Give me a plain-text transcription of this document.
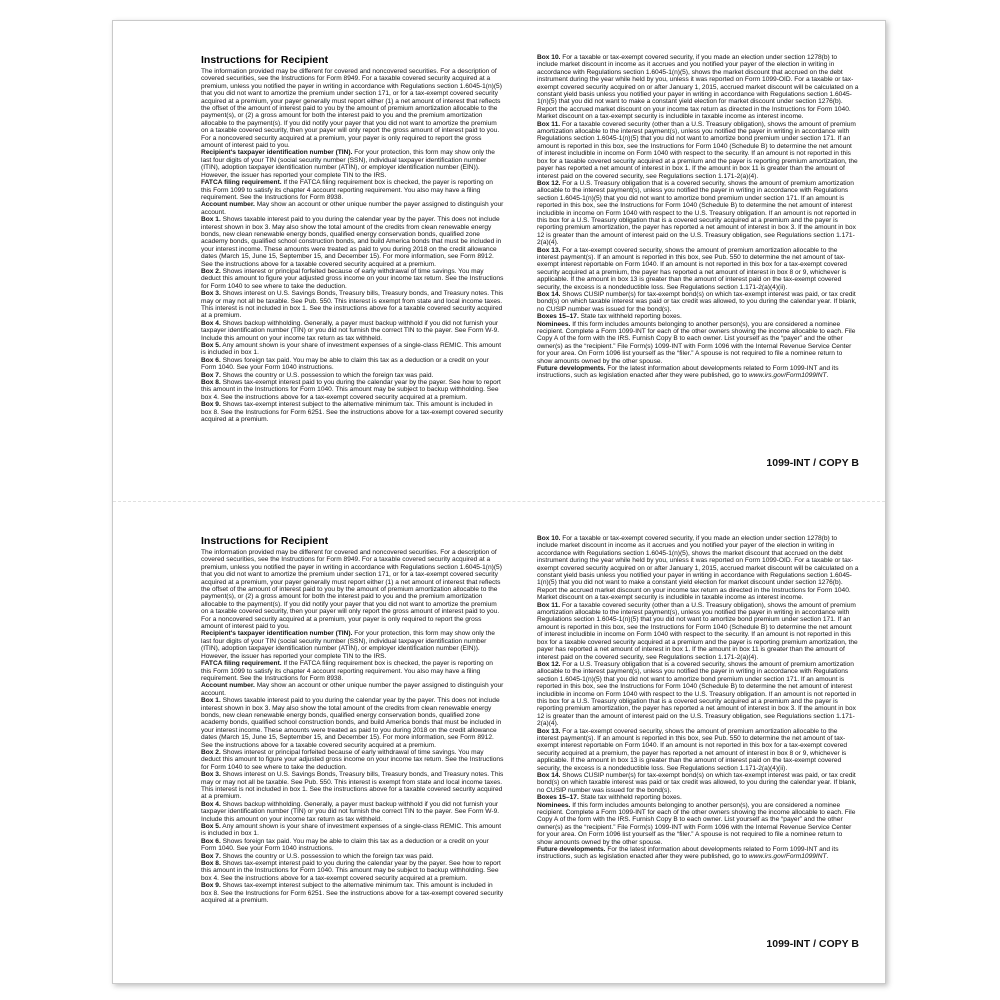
Instructions for Recipient

The information provided may be different for covered and noncovered securities. For a description of covered securities, see the Instructions for Form 8949. For a taxable covered security acquired at a premium, unless you notified the payer in writing in accordance with Regulations section 1.6045-1(n)(5) that you did not want to amortize the premium under section 171, or for a tax-exempt covered security acquired at a premium, your payer generally must report either (1) a net amount of interest that reflects the offset of the amount of interest paid to you by the amount of premium amortization allocable to the payment(s), or (2) a gross amount for both the interest paid to you and the premium amortization allocable to the payment(s). If you did notify your payer that you did not want to amortize the premium on a taxable covered security, then your payer will only report the gross amount of interest paid to you. For a noncovered security acquired at a premium, your payer is only required to report the gross amount of interest paid to you.

Recipient's taxpayer identification number (TIN). For your protection, this form may show only the last four digits of your TIN (social security number (SSN), individual taxpayer identification number (ITIN), adoption taxpayer identification number (ATIN), or employer identification number (EIN)). However, the issuer has reported your complete TIN to the IRS.

FATCA filing requirement. If the FATCA filing requirement box is checked, the payer is reporting on this Form 1099 to satisfy its chapter 4 account reporting requirement. You also may have a filing requirement. See the Instructions for Form 8938.

Account number. May show an account or other unique number the payer assigned to distinguish your account.

Box 1. Shows taxable interest paid to you during the calendar year by the payer. This does not include interest shown in box 3. May also show the total amount of the credits from clean renewable energy bonds, new clean renewable energy bonds, qualified energy conservation bonds, qualified zone academy bonds, qualified school construction bonds, and build America bonds that must be included in your interest income. These amounts were treated as paid to you during 2018 on the credit allowance dates (March 15, June 15, September 15, and December 15). For more information, see Form 8912. See the instructions above for a taxable covered security acquired at a premium.

Box 2. Shows interest or principal forfeited because of early withdrawal of time savings. You may deduct this amount to figure your adjusted gross income on your income tax return. See the Instructions for Form 1040 to see where to take the deduction.

Box 3. Shows interest on U.S. Savings Bonds, Treasury bills, Treasury bonds, and Treasury notes. This may or may not all be taxable. See Pub. 550. This interest is exempt from state and local income taxes. This interest is not included in box 1. See the instructions above for a taxable covered security acquired at a premium.

Box 4. Shows backup withholding. Generally, a payer must backup withhold if you did not furnish your taxpayer identification number (TIN) or you did not furnish the correct TIN to the payer. See Form W-9. Include this amount on your income tax return as tax withheld.

Box 5. Any amount shown is your share of investment expenses of a single-class REMIC. This amount is included in box 1.

Box 6. Shows foreign tax paid. You may be able to claim this tax as a deduction or a credit on your Form 1040. See your Form 1040 instructions.

Box 7. Shows the country or U.S. possession to which the foreign tax was paid.

Box 8. Shows tax-exempt interest paid to you during the calendar year by the payer. See how to report this amount in the Instructions for Form 1040. This amount may be subject to backup withholding. See box 4. See the instructions above for a tax-exempt covered security acquired at a premium.

Box 9. Shows tax-exempt interest subject to the alternative minimum tax. This amount is included in box 8. See the Instructions for Form 6251. See the instructions above for a tax-exempt covered security acquired at a premium.

Box 10. For a taxable or tax-exempt covered security, if you made an election under section 1278(b) to include market discount in income as it accrues and you notified your payer of the election in writing in accordance with Regulations section 1.6045-1(n)(5), shows the market discount that accrued on the debt instrument during the year while held by you, unless it was reported on Form 1099-OID. For a taxable or tax-exempt covered security acquired on or after January 1, 2015, accrued market discount will be calculated on a constant yield basis unless you notified your payer in writing in accordance with Regulations section 1.6045-1(n)(5) that you did not want to make a constant yield election for market discount under section 1276(b). Report the accrued market discount on your income tax return as directed in the Instructions for Form 1040. Market discount on a tax-exempt security is includible in taxable income as interest income.

Box 11. For a taxable covered security (other than a U.S. Treasury obligation), shows the amount of premium amortization allocable to the interest payment(s), unless you notified the payer in writing in accordance with Regulations section 1.6045-1(n)(5) that you did not want to amortize bond premium under section 171. If an amount is reported in this box, see the Instructions for Form 1040 (Schedule B) to determine the net amount of interest includible in income on Form 1040 with respect to the security. If an amount is not reported in this box for a taxable covered security acquired at a premium and the payer is reporting premium amortization, the payer has reported a net amount of interest in box 1. If the amount in box 11 is greater than the amount of interest paid on the covered security, see Regulations section 1.171-2(a)(4).

Box 12. For a U.S. Treasury obligation that is a covered security, shows the amount of premium amortization allocable to the interest payment(s), unless you notified the payer in writing in accordance with Regulations section 1.6045-1(n)(5) that you did not want to amortize bond premium under section 171. If an amount is reported in this box, see the Instructions for Form 1040 (Schedule B) to determine the net amount of interest includible in income on Form 1040 with respect to the U.S. Treasury obligation. If an amount is not reported in this box for a U.S. Treasury obligation that is a covered security acquired at a premium and the payer is reporting premium amortization, the payer has reported a net amount of interest in box 3. If the amount in box 12 is greater than the amount of interest paid on the U.S. Treasury obligation, see Regulations section 1.171-2(a)(4).

Box 13. For a tax-exempt covered security, shows the amount of premium amortization allocable to the interest payment(s). If an amount is reported in this box, see Pub. 550 to determine the net amount of tax-exempt interest reportable on Form 1040. If an amount is not reported in this box for a tax-exempt covered security acquired at a premium, the payer has reported a net amount of interest in box 8 or 9, whichever is applicable. If the amount in box 13 is greater than the amount of interest paid on the tax-exempt covered security, the excess is a nondeductible loss. See Regulations section 1.171-2(a)(4)(ii).

Box 14. Shows CUSIP number(s) for tax-exempt bond(s) on which tax-exempt interest was paid, or tax credit bond(s) on which taxable interest was paid or tax credit was allowed, to you during the calendar year. If blank, no CUSIP number was issued for the bond(s).

Boxes 15–17. State tax withheld reporting boxes.

Nominees. If this form includes amounts belonging to another person(s), you are considered a nominee recipient. Complete a Form 1099-INT for each of the other owners showing the income allocable to each. File Copy A of the form with the IRS. Furnish Copy B to each owner. List yourself as the “payer” and the other owner(s) as the “recipient.” File Form(s) 1099-INT with Form 1096 with the Internal Revenue Service Center for your area. On Form 1096 list yourself as the “filer.” A spouse is not required to file a nominee return to show amounts owned by the other spouse.

Future developments. For the latest information about developments related to Form 1099-INT and its instructions, such as legislation enacted after they were published, go to www.irs.gov/Form1099INT.

1099-INT / COPY B
Instructions for Recipient

The information provided may be different for covered and noncovered securities. For a description of covered securities, see the Instructions for Form 8949. For a taxable covered security acquired at a premium, unless you notified the payer in writing in accordance with Regulations section 1.6045-1(n)(5) that you did not want to amortize the premium under section 171, or for a tax-exempt covered security acquired at a premium, your payer generally must report either (1) a net amount of interest that reflects the offset of the amount of interest paid to you by the amount of premium amortization allocable to the payment(s), or (2) a gross amount for both the interest paid to you and the premium amortization allocable to the payment(s). If you did notify your payer that you did not want to amortize the premium on a taxable covered security, then your payer will only report the gross amount of interest paid to you. For a noncovered security acquired at a premium, your payer is only required to report the gross amount of interest paid to you.

Recipient's taxpayer identification number (TIN). For your protection, this form may show only the last four digits of your TIN (social security number (SSN), individual taxpayer identification number (ITIN), adoption taxpayer identification number (ATIN), or employer identification number (EIN)). However, the issuer has reported your complete TIN to the IRS.

FATCA filing requirement. If the FATCA filing requirement box is checked, the payer is reporting on this Form 1099 to satisfy its chapter 4 account reporting requirement. You also may have a filing requirement. See the Instructions for Form 8938.

Account number. May show an account or other unique number the payer assigned to distinguish your account.

Box 1. Shows taxable interest paid to you during the calendar year by the payer. This does not include interest shown in box 3. May also show the total amount of the credits from clean renewable energy bonds, new clean renewable energy bonds, qualified energy conservation bonds, qualified zone academy bonds, qualified school construction bonds, and build America bonds that must be included in your interest income. These amounts were treated as paid to you during 2018 on the credit allowance dates (March 15, June 15, September 15, and December 15). For more information, see Form 8912. See the instructions above for a taxable covered security acquired at a premium.

Box 2. Shows interest or principal forfeited because of early withdrawal of time savings. You may deduct this amount to figure your adjusted gross income on your income tax return. See the Instructions for Form 1040 to see where to take the deduction.

Box 3. Shows interest on U.S. Savings Bonds, Treasury bills, Treasury bonds, and Treasury notes. This may or may not all be taxable. See Pub. 550. This interest is exempt from state and local income taxes. This interest is not included in box 1. See the instructions above for a taxable covered security acquired at a premium.

Box 4. Shows backup withholding. Generally, a payer must backup withhold if you did not furnish your taxpayer identification number (TIN) or you did not furnish the correct TIN to the payer. See Form W-9. Include this amount on your income tax return as tax withheld.

Box 5. Any amount shown is your share of investment expenses of a single-class REMIC. This amount is included in box 1.

Box 6. Shows foreign tax paid. You may be able to claim this tax as a deduction or a credit on your Form 1040. See your Form 1040 instructions.

Box 7. Shows the country or U.S. possession to which the foreign tax was paid.

Box 8. Shows tax-exempt interest paid to you during the calendar year by the payer. See how to report this amount in the Instructions for Form 1040. This amount may be subject to backup withholding. See box 4. See the instructions above for a tax-exempt covered security acquired at a premium.

Box 9. Shows tax-exempt interest subject to the alternative minimum tax. This amount is included in box 8. See the Instructions for Form 6251. See the instructions above for a tax-exempt covered security acquired at a premium.

Box 10. For a taxable or tax-exempt covered security, if you made an election under section 1278(b) to include market discount in income as it accrues and you notified your payer of the election in writing in accordance with Regulations section 1.6045-1(n)(5), shows the market discount that accrued on the debt instrument during the year while held by you, unless it was reported on Form 1099-OID. For a taxable or tax-exempt covered security acquired on or after January 1, 2015, accrued market discount will be calculated on a constant yield basis unless you notified your payer in writing in accordance with Regulations section 1.6045-1(n)(5) that you did not want to make a constant yield election for market discount under section 1276(b). Report the accrued market discount on your income tax return as directed in the Instructions for Form 1040. Market discount on a tax-exempt security is includible in taxable income as interest income.

Box 11. For a taxable covered security (other than a U.S. Treasury obligation), shows the amount of premium amortization allocable to the interest payment(s), unless you notified the payer in writing in accordance with Regulations section 1.6045-1(n)(5) that you did not want to amortize bond premium under section 171. If an amount is reported in this box, see the Instructions for Form 1040 (Schedule B) to determine the net amount of interest includible in income on Form 1040 with respect to the security. If an amount is not reported in this box for a taxable covered security acquired at a premium and the payer is reporting premium amortization, the payer has reported a net amount of interest in box 1. If the amount in box 11 is greater than the amount of interest paid on the covered security, see Regulations section 1.171-2(a)(4).

Box 12. For a U.S. Treasury obligation that is a covered security, shows the amount of premium amortization allocable to the interest payment(s), unless you notified the payer in writing in accordance with Regulations section 1.6045-1(n)(5) that you did not want to amortize bond premium under section 171. If an amount is reported in this box, see the Instructions for Form 1040 (Schedule B) to determine the net amount of interest includible in income on Form 1040 with respect to the U.S. Treasury obligation. If an amount is not reported in this box for a U.S. Treasury obligation that is a covered security acquired at a premium and the payer is reporting premium amortization, the payer has reported a net amount of interest in box 3. If the amount in box 12 is greater than the amount of interest paid on the U.S. Treasury obligation, see Regulations section 1.171-2(a)(4).

Box 13. For a tax-exempt covered security, shows the amount of premium amortization allocable to the interest payment(s). If an amount is reported in this box, see Pub. 550 to determine the net amount of tax-exempt interest reportable on Form 1040. If an amount is not reported in this box for a tax-exempt covered security acquired at a premium, the payer has reported a net amount of interest in box 8 or 9, whichever is applicable. If the amount in box 13 is greater than the amount of interest paid on the tax-exempt covered security, the excess is a nondeductible loss. See Regulations section 1.171-2(a)(4)(ii).

Box 14. Shows CUSIP number(s) for tax-exempt bond(s) on which tax-exempt interest was paid, or tax credit bond(s) on which taxable interest was paid or tax credit was allowed, to you during the calendar year. If blank, no CUSIP number was issued for the bond(s).

Boxes 15–17. State tax withheld reporting boxes.

Nominees. If this form includes amounts belonging to another person(s), you are considered a nominee recipient. Complete a Form 1099-INT for each of the other owners showing the income allocable to each. File Copy A of the form with the IRS. Furnish Copy B to each owner. List yourself as the “payer” and the other owner(s) as the “recipient.” File Form(s) 1099-INT with Form 1096 with the Internal Revenue Service Center for your area. On Form 1096 list yourself as the “filer.” A spouse is not required to file a nominee return to show amounts owned by the other spouse.

Future developments. For the latest information about developments related to Form 1099-INT and its instructions, such as legislation enacted after they were published, go to www.irs.gov/Form1099INT.

1099-INT / COPY B
